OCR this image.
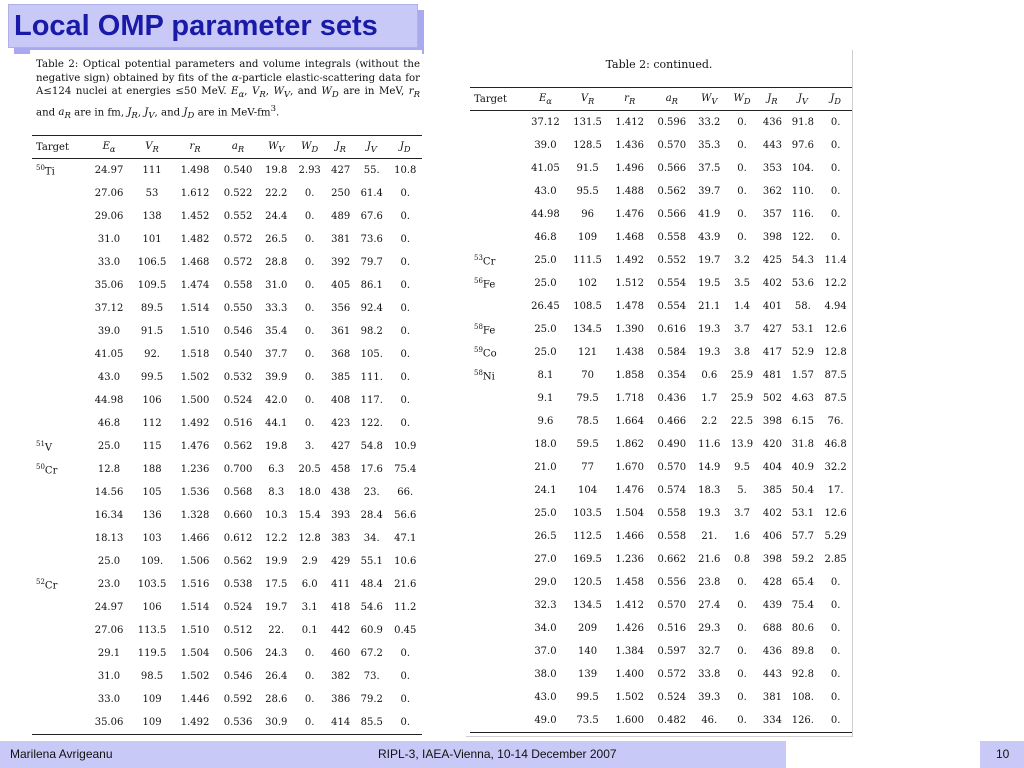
Local OMP parameter sets
Table 2: Optical potential parameters and volume integrals (without the negative sign) obtained by fits of the α-particle elastic-scattering data for A≤124 nuclei at energies ≤50 MeV. $E_\alpha$, $V_R$, $W_V$, and $W_D$ are in MeV, $r_R$ and $a_R$ are in fm, $J_R$, $J_V$, and $J_D$ are in MeV-$fm^3$.
Target	$E_\alpha$	$V_R$	$r_R$	$a_R$	$W_V$	$W_D$	$J_R$	$J_V$	$J_D$
$^{50}$Ti	24.97	111	1.498	0.540	19.8	2.93	427	55.	10.8
	27.06	53	1.612	0.522	22.2	0.	250	61.4	0.
	29.06	138	1.452	0.552	24.4	0.	489	67.6	0.
	31.0	101	1.482	0.572	26.5	0.	381	73.6	0.
	33.0	106.5	1.468	0.572	28.8	0.	392	79.7	0.
	35.06	109.5	1.474	0.558	31.0	0.	405	86.1	0.
	37.12	89.5	1.514	0.550	33.3	0.	356	92.4	0.
	39.0	91.5	1.510	0.546	35.4	0.	361	98.2	0.
	41.05	92.	1.518	0.540	37.7	0.	368	105.	0.
	43.0	99.5	1.502	0.532	39.9	0.	385	111.	0.
	44.98	106	1.500	0.524	42.0	0.	408	117.	0.
	46.8	112	1.492	0.516	44.1	0.	423	122.	0.
$^{51}$V	25.0	115	1.476	0.562	19.8	3.	427	54.8	10.9
$^{50}$Cr	12.8	188	1.236	0.700	6.3	20.5	458	17.6	75.4
	14.56	105	1.536	0.568	8.3	18.0	438	23.	66.
	16.34	136	1.328	0.660	10.3	15.4	393	28.4	56.6
	18.13	103	1.466	0.612	12.2	12.8	383	34.	47.1
	25.0	109.	1.506	0.562	19.9	2.9	429	55.1	10.6
$^{52}$Cr	23.0	103.5	1.516	0.538	17.5	6.0	411	48.4	21.6
	24.97	106	1.514	0.524	19.7	3.1	418	54.6	11.2
	27.06	113.5	1.510	0.512	22.	0.1	442	60.9	0.45
	29.1	119.5	1.504	0.506	24.3	0.	460	67.2	0.
	31.0	98.5	1.502	0.546	26.4	0.	382	73.	0.
	33.0	109	1.446	0.592	28.6	0.	386	79.2	0.
	35.06	109	1.492	0.536	30.9	0.	414	85.5	0.
Table 2: continued.
Target	$E_\alpha$	$V_R$	$r_R$	$a_R$	$W_V$	$W_D$	$J_R$	$J_V$	$J_D$
	37.12	131.5	1.412	0.596	33.2	0.	436	91.8	0.
	39.0	128.5	1.436	0.570	35.3	0.	443	97.6	0.
	41.05	91.5	1.496	0.566	37.5	0.	353	104.	0.
	43.0	95.5	1.488	0.562	39.7	0.	362	110.	0.
	44.98	96	1.476	0.566	41.9	0.	357	116.	0.
	46.8	109	1.468	0.558	43.9	0.	398	122.	0.
$^{53}$Cr	25.0	111.5	1.492	0.552	19.7	3.2	425	54.3	11.4
$^{56}$Fe	25.0	102	1.512	0.554	19.5	3.5	402	53.6	12.2
	26.45	108.5	1.478	0.554	21.1	1.4	401	58.	4.94
$^{58}$Fe	25.0	134.5	1.390	0.616	19.3	3.7	427	53.1	12.6
$^{59}$Co	25.0	121	1.438	0.584	19.3	3.8	417	52.9	12.8
$^{58}$Ni	8.1	70	1.858	0.354	0.6	25.9	481	1.57	87.5
	9.1	79.5	1.718	0.436	1.7	25.9	502	4.63	87.5
	9.6	78.5	1.664	0.466	2.2	22.5	398	6.15	76.
	18.0	59.5	1.862	0.490	11.6	13.9	420	31.8	46.8
	21.0	77	1.670	0.570	14.9	9.5	404	40.9	32.2
	24.1	104	1.476	0.574	18.3	5.	385	50.4	17.
	25.0	103.5	1.504	0.558	19.3	3.7	402	53.1	12.6
	26.5	112.5	1.466	0.558	21.	1.6	406	57.7	5.29
	27.0	169.5	1.236	0.662	21.6	0.8	398	59.2	2.85
	29.0	120.5	1.458	0.556	23.8	0.	428	65.4	0.
	32.3	134.5	1.412	0.570	27.4	0.	439	75.4	0.
	34.0	209	1.426	0.516	29.3	0.	688	80.6	0.
	37.0	140	1.384	0.597	32.7	0.	436	89.8	0.
	38.0	139	1.400	0.572	33.8	0.	443	92.8	0.
	43.0	99.5	1.502	0.524	39.3	0.	381	108.	0.
	49.0	73.5	1.600	0.482	46.	0.	334	126.	0.
Marilena Avrigeanu	RIPL-3, IAEA-Vienna, 10-14 December 2007	10
